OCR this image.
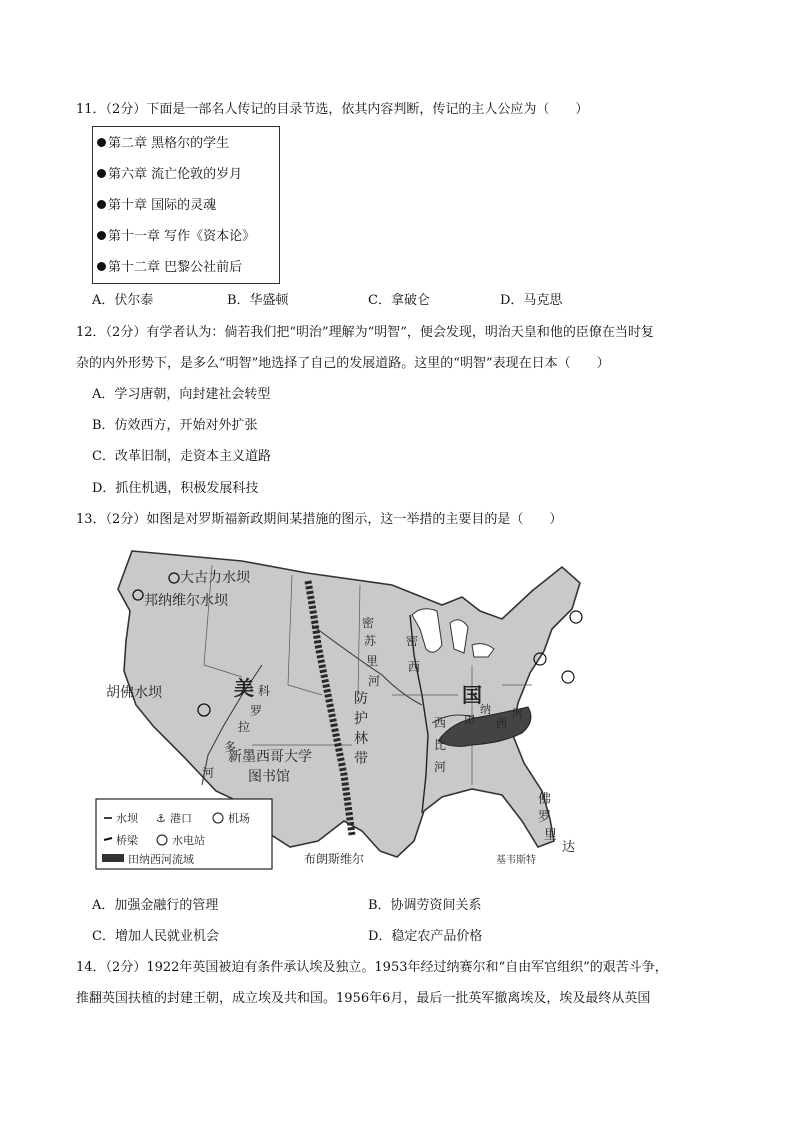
11．（2分）下面是一部名人传记的目录节选，依其内容判断，传记的主人公应为（　　）
第二章 黑格尔的学生
第六章 流亡伦敦的岁月
第十章 国际的灵魂
第十一章 写作《资本论》
第十二章 巴黎公社前后
A．伏尔泰	B．华盛顿	C．拿破仑	D．马克思
12．（2分）有学者认为：倘若我们把“明治”理解为“明智”，便会发现，明治天皇和他的臣僚在当时复
杂的内外形势下，是多么“明智”地选择了自己的发展道路。这里的“明智”表现在日本（　　）
A．学习唐朝，向封建社会转型
B．仿效西方，开始对外扩张
C．改革旧制，走资本主义道路
D．抓住机遇，积极发展科技
13．（2分）如图是对罗斯福新政期间某措施的图示，这一举措的主要目的是（　　）
大古力水坝
邦纳维尔水坝
胡佛水坝	美	国
新墨西哥大学
图书馆
布朗斯维尔	基韦斯特
科
罗
拉
多
河
防
护
林
带
密
苏
里
河
密
西
西
比
河
田
纳
西
河
佛
罗
里
达
水坝 ⚓ 港口	机场
桥梁	水电站
田纳西河流域
A．加强金融行的管理	B．协调劳资间关系
C．增加人民就业机会	D．稳定农产品价格
14．（2分）1922年英国被迫有条件承认埃及独立。1953年经过纳赛尔和“自由军官组织”的艰苦斗争，
推翻英国扶植的封建王朝，成立埃及共和国。1956年6月，最后一批英军撤离埃及，埃及最终从英国
